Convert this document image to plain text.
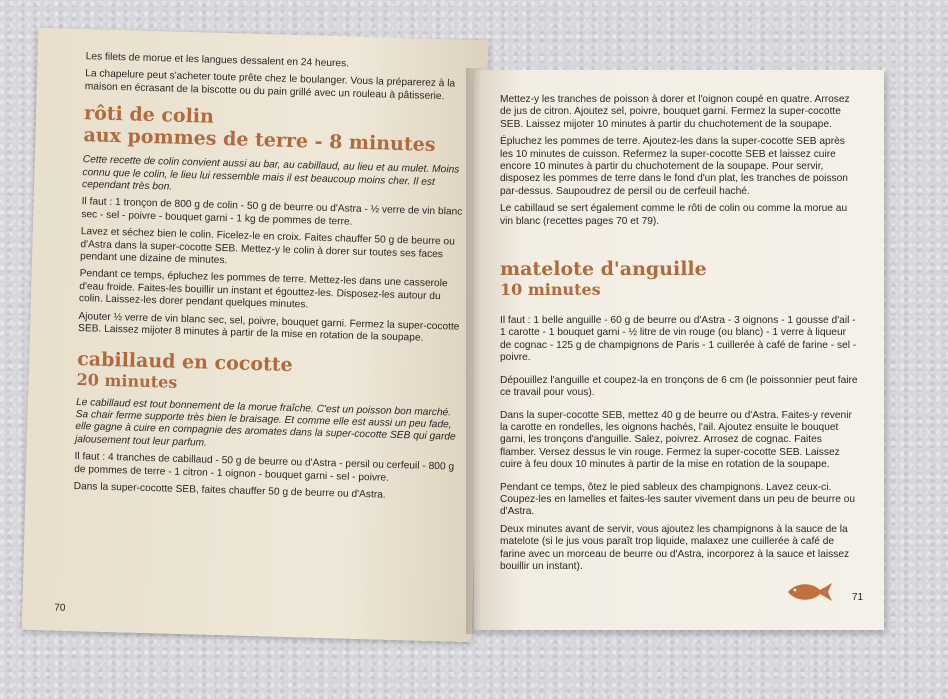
Les filets de morue et les langues dessalent en 24 heures.

La chapelure peut s'acheter toute prête chez le boulanger. Vous la préparerez à la maison en écrasant de la biscotte ou du pain grillé avec un rouleau à pâtisserie.

rôti de colin
aux pommes de terre - 8 minutes

Cette recette de colin convient aussi au bar, au cabillaud, au lieu et au mulet. Moins connu que le colin, le lieu lui ressemble mais il est beaucoup moins cher. Il est cependant très bon.

Il faut : 1 tronçon de 800 g de colin - 50 g de beurre ou d'Astra - ½ verre de vin blanc sec - sel - poivre - bouquet garni - 1 kg de pommes de terre.

Lavez et séchez bien le colin. Ficelez-le en croix. Faites chauffer 50 g de beurre ou d'Astra dans la super-cocotte SEB. Mettez-y le colin à dorer sur toutes ses faces pendant une dizaine de minutes.

Pendant ce temps, épluchez les pommes de terre. Mettez-les dans une casserole d'eau froide. Faites-les bouillir un instant et égouttez-les. Disposez-les autour du colin. Laissez-les dorer pendant quelques minutes.

Ajouter ½ verre de vin blanc sec, sel, poivre, bouquet garni. Fermez la super-cocotte SEB. Laissez mijoter 8 minutes à partir de la mise en rotation de la soupape.

cabillaud en cocotte
20 minutes

Le cabillaud est tout bonnement de la morue fraîche. C'est un poisson bon marché. Sa chair ferme supporte très bien le braisage. Et comme elle est aussi un peu fade, elle gagne à cuire en compagnie des aromates dans la super-cocotte SEB qui garde jalousement tout leur parfum.

Il faut : 4 tranches de cabillaud - 50 g de beurre ou d'Astra - persil ou cerfeuil - 800 g de pommes de terre - 1 citron - 1 oignon - bouquet garni - sel - poivre.

Dans la super-cocotte SEB, faites chauffer 50 g de beurre ou d'Astra.

70

Mettez-y les tranches de poisson à dorer et l'oignon coupé en quatre. Arrosez de jus de citron. Ajoutez sel, poivre, bouquet garni. Fermez la super-cocotte SEB. Laissez mijoter 10 minutes à partir du chuchotement de la soupape.

Épluchez les pommes de terre. Ajoutez-les dans la super-cocotte SEB après les 10 minutes de cuisson. Refermez la super-cocotte SEB et laissez cuire encore 10 minutes à partir du chuchotement de la soupape. Pour servir, disposez les pommes de terre dans le fond d'un plat, les tranches de poisson par-dessus. Saupoudrez de persil ou de cerfeuil haché.

Le cabillaud se sert également comme le rôti de colin ou comme la morue au vin blanc (recettes pages 70 et 79).

matelote d'anguille
10 minutes

Il faut : 1 belle anguille - 60 g de beurre ou d'Astra - 3 oignons - 1 gousse d'ail - 1 carotte - 1 bouquet garni - ½ litre de vin rouge (ou blanc) - 1 verre à liqueur de cognac - 125 g de champignons de Paris - 1 cuillerée à café de farine - sel - poivre.

Dépouillez l'anguille et coupez-la en tronçons de 6 cm (le poissonnier peut faire ce travail pour vous).

Dans la super-cocotte SEB, mettez 40 g de beurre ou d'Astra. Faites-y revenir la carotte en rondelles, les oignons hachés, l'ail. Ajoutez ensuite le bouquet garni, les tronçons d'anguille. Salez, poivrez. Arrosez de cognac. Faites flamber. Versez dessus le vin rouge. Fermez la super-cocotte SEB. Laissez cuire à feu doux 10 minutes à partir de la mise en rotation de la soupape.

Pendant ce temps, ôtez le pied sableux des champignons. Lavez ceux-ci. Coupez-les en lamelles et faites-les sauter vivement dans un peu de beurre ou d'Astra.

Deux minutes avant de servir, vous ajoutez les champignons à la sauce de la matelote (si le jus vous paraît trop liquide, malaxez une cuillerée à café de farine avec un morceau de beurre ou d'Astra, incorporez à la sauce et laissez bouillir un instant).

71
